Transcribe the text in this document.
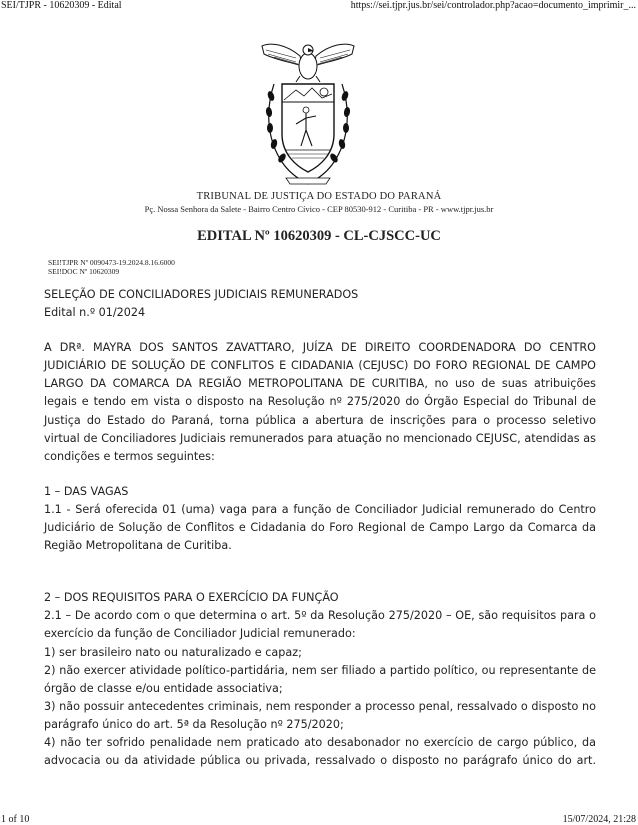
SEI/TJPR - 10620309 - Edital	https://sei.tjpr.jus.br/sei/controlador.php?acao=documento_imprimir_...
TRIBUNAL DE JUSTIÇA DO ESTADO DO PARANÁ
Pç. Nossa Senhora da Salete - Bairro Centro Cívico - CEP 80530-912 - Curitiba - PR - www.tjpr.jus.br
EDITAL Nº 10620309 - CL-CJSCC-UC
SEI!TJPR Nº 0090473-19.2024.8.16.6000
SEI!DOC Nº 10620309

SELEÇÃO DE CONCILIADORES JUDICIAIS REMUNERADOS

Edital n.º 01/2024

A DRª. MAYRA DOS SANTOS ZAVATTARO, JUÍZA DE DIREITO COORDENADORA DO CENTRO JUDICIÁRIO DE SOLUÇÃO DE CONFLITOS E CIDADANIA (CEJUSC) DO FORO REGIONAL DE CAMPO LARGO DA COMARCA DA REGIÃO METROPOLITANA DE CURITIBA, no uso de suas atribuições legais e tendo em vista o disposto na Resolução nº 275/2020 do Órgão Especial do Tribunal de Justiça do Estado do Paraná, torna pública a abertura de inscrições para o processo seletivo virtual de Conciliadores Judiciais remunerados para atuação no mencionado CEJUSC, atendidas as condições e termos seguintes:

1 – DAS VAGAS

1.1 - Será oferecida 01 (uma) vaga para a função de Conciliador Judicial remunerado do Centro Judiciário de Solução de Conflitos e Cidadania do Foro Regional de Campo Largo da Comarca da Região Metropolitana de Curitiba.

2 – DOS REQUISITOS PARA O EXERCÍCIO DA FUNÇÃO

2.1 – De acordo com o que determina o art. 5º da Resolução 275/2020 – OE, são requisitos para o exercício da função de Conciliador Judicial remunerado:

1) ser brasileiro nato ou naturalizado e capaz;

2) não exercer atividade político-partidária, nem ser filiado a partido político, ou representante de órgão de classe e/ou entidade associativa;

3) não possuir antecedentes criminais, nem responder a processo penal, ressalvado o disposto no parágrafo único do art. 5ª da Resolução nº 275/2020;

4) não ter sofrido penalidade nem praticado ato desabonador no exercício de cargo público, da advocacia ou da atividade pública ou privada, ressalvado o disposto no parágrafo único do art.

1 of 10	15/07/2024, 21:28
